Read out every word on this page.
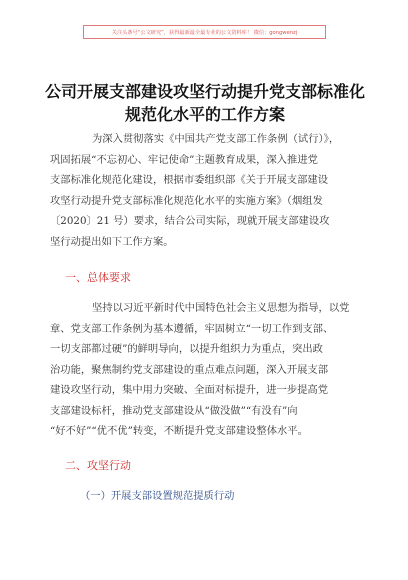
关注头条号“公文研究”，获得最新最全最专业的公文资料库！ 微信：gongwenzj
公司开展支部建设攻坚行动提升党支部标准化
规范化水平的工作方案
为深入贯彻落实《中国共产党支部工作条例（试行）》，
巩固拓展“不忘初心、牢记使命”主题教育成果，深入推进党
支部标准化规范化建设，根据市委组织部《关于开展支部建设
攻坚行动提升党支部标准化规范化水平的实施方案》（烟组发
〔2020〕21 号）要求，结合公司实际，现就开展支部建设攻
坚行动提出如下工作方案。
一、总体要求
坚持以习近平新时代中国特色社会主义思想为指导，以党
章、党支部工作条例为基本遵循，牢固树立“一切工作到支部、
一切支部都过硬”的鲜明导向，以提升组织力为重点，突出政
治功能，聚焦制约党支部建设的重点难点问题，深入开展支部
建设攻坚行动，集中用力突破、全面对标提升，进一步提高党
支部建设标杆，推动党支部建设从“做没做”“有没有”向
“好不好”“优不优”转变，不断提升党支部建设整体水平。
二、攻坚行动
（一）开展支部设置规范提质行动
